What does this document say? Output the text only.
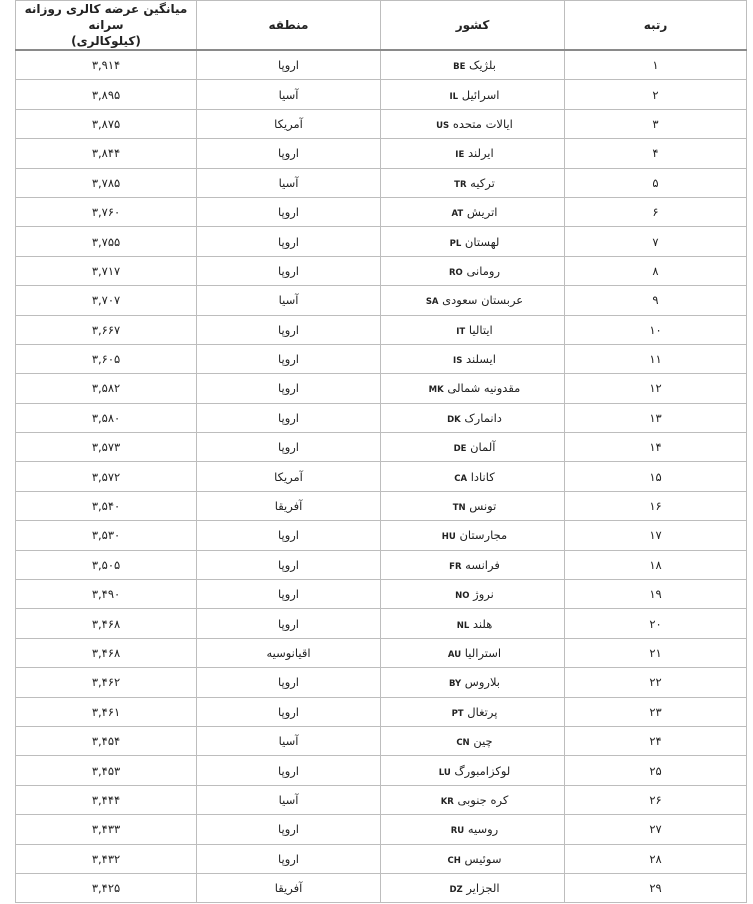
رتبه	کشور	منطقه	میانگین عرضه کالری روزانه سرانه
(کیلوکالری)

۱	بلژیک BE	اروپا	۳,۹۱۴
۲	اسرائیل IL	آسیا	۳,۸۹۵
۳	ایالات متحده US	آمریکا	۳,۸۷۵
۴	ایرلند IE	اروپا	۳,۸۴۴
۵	ترکیه TR	آسیا	۳,۷۸۵
۶	اتریش AT	اروپا	۳,۷۶۰
۷	لهستان PL	اروپا	۳,۷۵۵
۸	رومانی RO	اروپا	۳,۷۱۷
۹	عربستان سعودی SA	آسیا	۳,۷۰۷
۱۰	ایتالیا IT	اروپا	۳,۶۶۷
۱۱	ایسلند IS	اروپا	۳,۶۰۵
۱۲	مقدونیه شمالی MK	اروپا	۳,۵۸۲
۱۳	دانمارک DK	اروپا	۳,۵۸۰
۱۴	آلمان DE	اروپا	۳,۵۷۳
۱۵	کانادا CA	آمریکا	۳,۵۷۲
۱۶	تونس TN	آفریقا	۳,۵۴۰
۱۷	مجارستان HU	اروپا	۳,۵۳۰
۱۸	فرانسه FR	اروپا	۳,۵۰۵
۱۹	نروژ NO	اروپا	۳,۴۹۰
۲۰	هلند NL	اروپا	۳,۴۶۸
۲۱	استرالیا AU	اقیانوسیه	۳,۴۶۸
۲۲	بلاروس BY	اروپا	۳,۴۶۲
۲۳	پرتغال PT	اروپا	۳,۴۶۱
۲۴	چین CN	آسیا	۳,۴۵۴
۲۵	لوکزامبورگ LU	اروپا	۳,۴۵۳
۲۶	کره جنوبی KR	آسیا	۳,۴۴۴
۲۷	روسیه RU	اروپا	۳,۴۳۳
۲۸	سوئیس CH	اروپا	۳,۴۳۲
۲۹	الجزایر DZ	آفریقا	۳,۴۲۵
